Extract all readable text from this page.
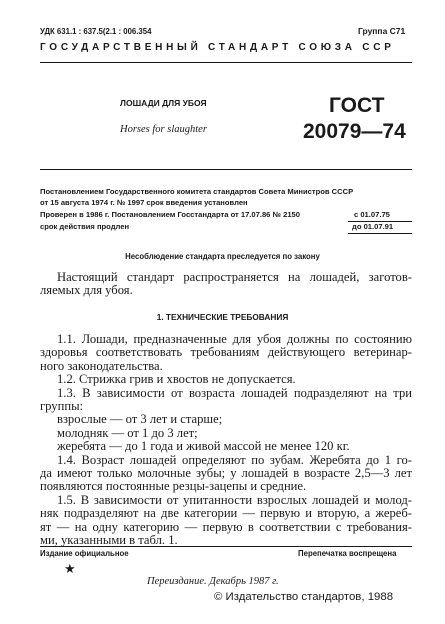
УДК 631.1 : 637.5(2.1 : 006.354	Группа С71
ГОСУДАРСТВЕННЫЙ СТАНДАРТ СОЮЗА ССР
ЛОШАДИ ДЛЯ УБОЯ
Horses for slaughter
ГОСТ
20079—74
Постановлением Государственного комитета стандартов Совета Министров СССР
от 15 августа 1974 г. № 1997 срок введения установлен
Проверен в 1986 г. Постановлением Госстандарта от 17.07.86 № 2150	с 01.07.75
срок действия продлен	до 01.07.91
Несоблюдение стандарта преследуется по закону
Настоящий стандарт распространяется на лошадей, заготов-
ляемых для убоя.
1. ТЕХНИЧЕСКИЕ ТРЕБОВАНИЯ
1.1. Лошади, предназначенные для убоя должны по состоянию
здоровья соответствовать требованиям действующего ветеринар-
ного законодательства.
1.2. Стрижка грив и хвостов не допускается.
1.3. В зависимости от возраста лошадей подразделяют на три
группы:
взрослые — от 3 лет и старше;
молодняк — от 1 до 3 лет;
жеребята — до 1 года и живой массой не менее 120 кг.
1.4. Возраст лошадей определяют по зубам. Жеребята до 1 го-
да имеют только молочные зубы; у лошадей в возрасте 2,5—3 лет
появляются постоянные резцы-зацепы и средние.
1.5. В зависимости от упитанности взрослых лошадей и молод-
няк подразделяют на две категории — первую и вторую, а жереб-
ят — на одну категорию — первую в соответствии с требования-
ми, указанными в табл. 1.
Издание официальное	Перепечатка воспрещена
★
Переиздание. Декабрь 1987 г.
© Издательство стандартов, 1988
